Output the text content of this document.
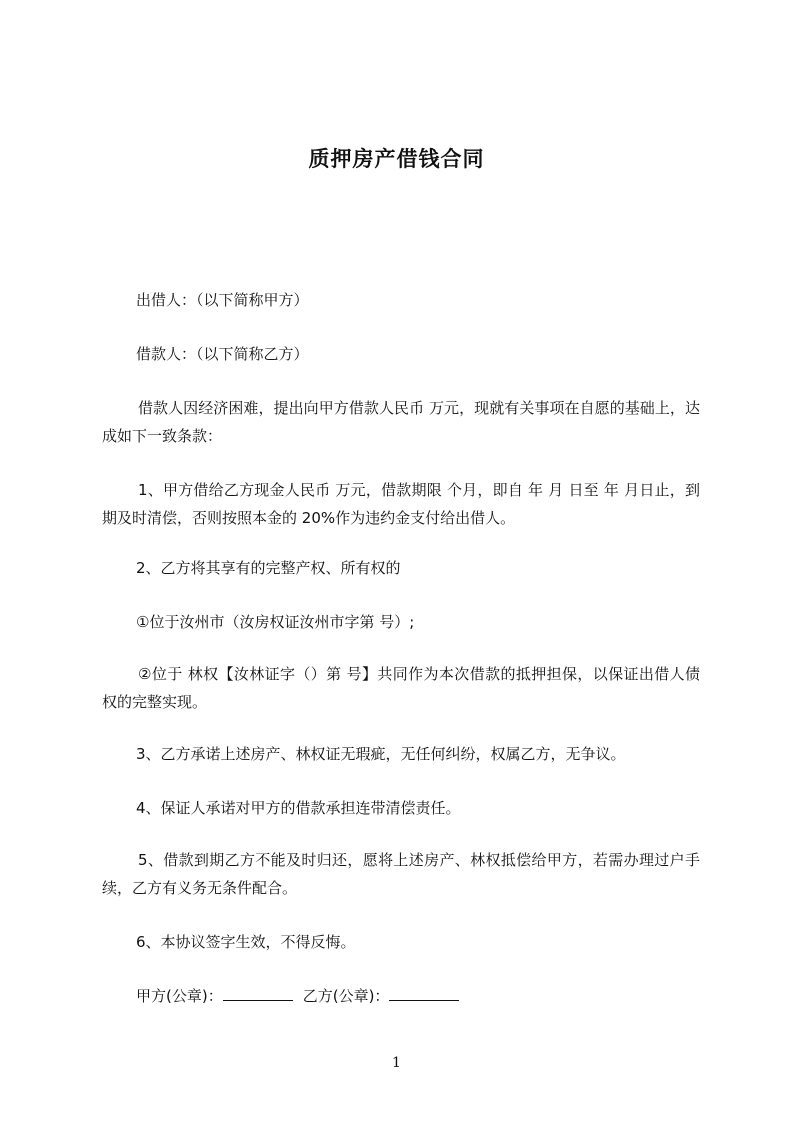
质押房产借钱合同

出借人：（以下简称甲方）

借款人：（以下简称乙方）

借款人因经济困难，提出向甲方借款人民币 万元，现就有关事项在自愿的基础上，达成如下一致条款：

1、甲方借给乙方现金人民币 万元，借款期限 个月，即自 年 月 日至 年 月日止，到期及时清偿，否则按照本金的 20%作为违约金支付给出借人。

2、乙方将其享有的完整产权、所有权的

①位于汝州市（汝房权证汝州市字第 号）;

②位于 林权【汝林证字（）第 号】共同作为本次借款的抵押担保，以保证出借人债权的完整实现。

3、乙方承诺上述房产、林权证无瑕疵，无任何纠纷，权属乙方，无争议。

4、保证人承诺对甲方的借款承担连带清偿责任。

5、借款到期乙方不能及时归还，愿将上述房产、林权抵偿给甲方，若需办理过户手续，乙方有义务无条件配合。

6、本协议签字生效，不得反悔。

甲方(公章)：	乙方(公章)：

1
